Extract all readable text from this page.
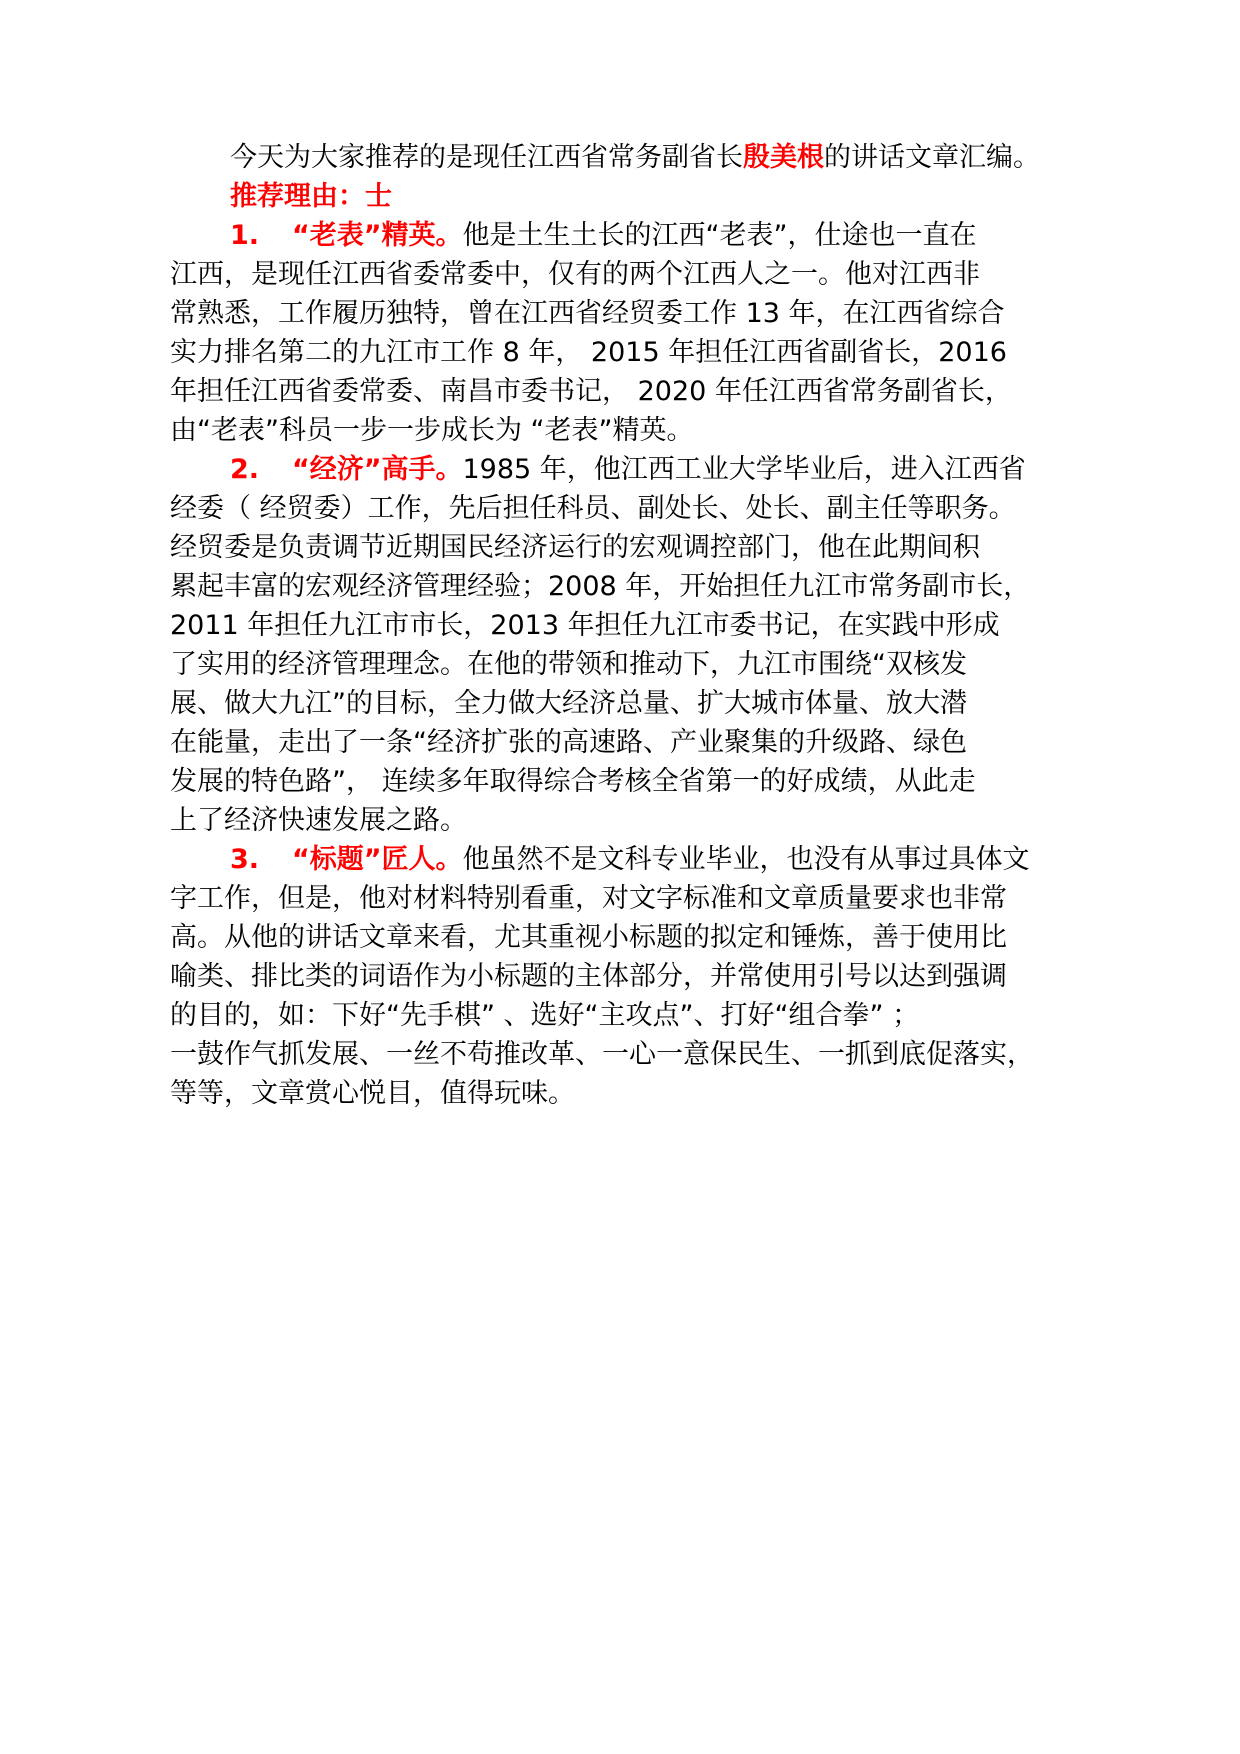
今天为大家推荐的是现任江西省常务副省长殷美根的讲话文章汇编。
推荐理由：士
1. “老表”精英。他是土生土长的江西“老表”，仕途也一直在
江西，是现任江西省委常委中，仅有的两个江西人之一。他对江西非
常熟悉，工作履历独特，曾在江西省经贸委工作 13 年，在江西省综合
实力排名第二的九江市工作 8 年， 2015 年担任江西省副省长，2016
年担任江西省委常委、南昌市委书记， 2020 年任江西省常务副省长，
由“老表”科员一步一步成长为 “老表”精英。
2. “经济”高手。1985 年，他江西工业大学毕业后，进入江西省
经委（ 经贸委）工作，先后担任科员、副处长、处长、副主任等职务。
经贸委是负责调节近期国民经济运行的宏观调控部门，他在此期间积
累起丰富的宏观经济管理经验；2008 年，开始担任九江市常务副市长，
2011 年担任九江市市长，2013 年担任九江市委书记，在实践中形成
了实用的经济管理理念。在他的带领和推动下，九江市围绕“双核发
展、做大九江”的目标，全力做大经济总量、扩大城市体量、放大潜
在能量，走出了一条“经济扩张的高速路、产业聚集的升级路、绿色
发展的特色路”， 连续多年取得综合考核全省第一的好成绩，从此走
上了经济快速发展之路。
3. “标题”匠人。他虽然不是文科专业毕业，也没有从事过具体文
字工作，但是，他对材料特别看重，对文字标准和文章质量要求也非常
高。从他的讲话文章来看，尤其重视小标题的拟定和锤炼，善于使用比
喻类、排比类的词语作为小标题的主体部分，并常使用引号以达到强调
的目的，如：下好“先手棋” 、选好“主攻点”、打好“组合拳” ；
一鼓作气抓发展、一丝不苟推改革、一心一意保民生、一抓到底促落实，
等等，文章赏心悦目，值得玩味。
